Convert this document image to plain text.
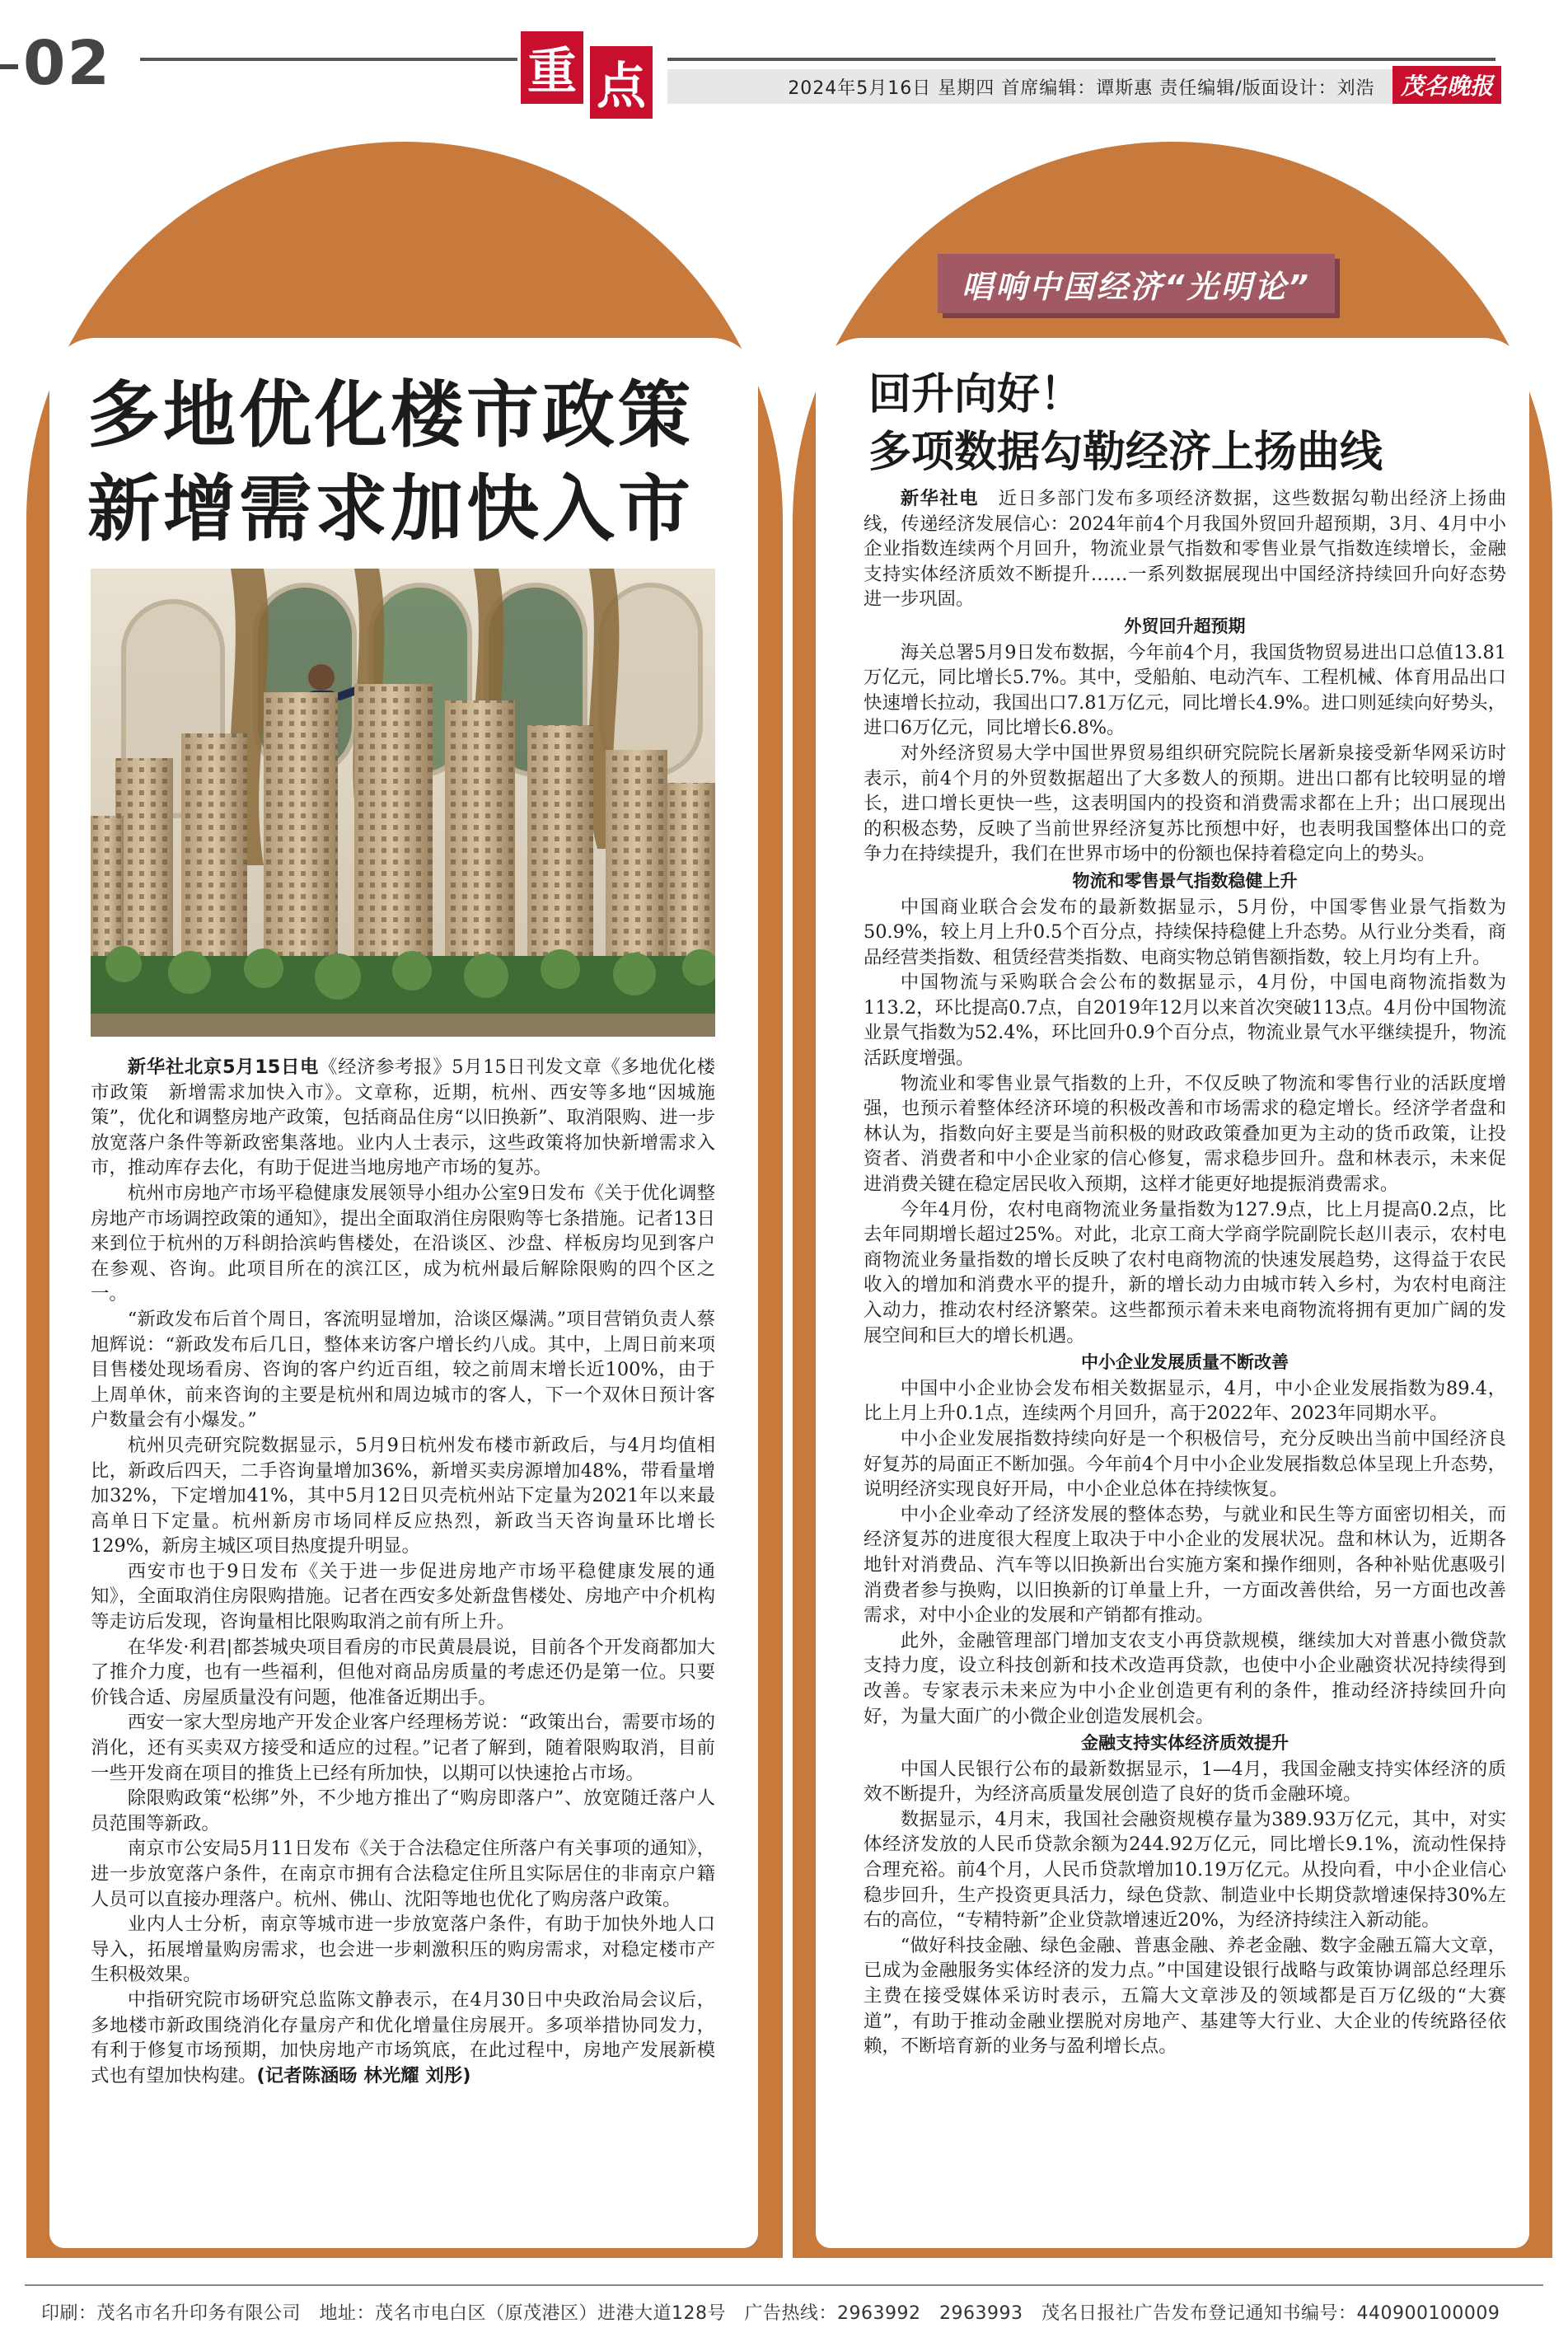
02	重 点	2024年5月16日 星期四 首席编辑：谭斯惠 责任编辑/版面设计：刘浩	茂名晚报
多地优化楼市政策
新增需求加快入市

新华社北京5月15日电《经济参考报》5月15日刊发文章《多地优化楼市政策　新增需求加快入市》。文章称，近期，杭州、西安等多地“因城施策”，优化和调整房地产政策，包括商品住房“以旧换新”、取消限购、进一步放宽落户条件等新政密集落地。业内人士表示，这些政策将加快新增需求入市，推动库存去化，有助于促进当地房地产市场的复苏。

杭州市房地产市场平稳健康发展领导小组办公室9日发布《关于优化调整房地产市场调控政策的通知》，提出全面取消住房限购等七条措施。记者13日来到位于杭州的万科朗拾滨屿售楼处，在沿谈区、沙盘、样板房均见到客户在参观、咨询。此项目所在的滨江区，成为杭州最后解除限购的四个区之一。

“新政发布后首个周日，客流明显增加，洽谈区爆满。”项目营销负责人蔡旭辉说：“新政发布后几日，整体来访客户增长约八成。其中，上周日前来项目售楼处现场看房、咨询的客户约近百组，较之前周末增长近100%，由于上周单休，前来咨询的主要是杭州和周边城市的客人，下一个双休日预计客户数量会有小爆发。”

杭州贝壳研究院数据显示，5月9日杭州发布楼市新政后，与4月均值相比，新政后四天，二手咨询量增加36%，新增买卖房源增加48%，带看量增加32%，下定增加41%，其中5月12日贝壳杭州站下定量为2021年以来最高单日下定量。杭州新房市场同样反应热烈，新政当天咨询量环比增长129%，新房主城区项目热度提升明显。

西安市也于9日发布《关于进一步促进房地产市场平稳健康发展的通知》，全面取消住房限购措施。记者在西安多处新盘售楼处、房地产中介机构等走访后发现，咨询量相比限购取消之前有所上升。

在华发·利君|都荟城央项目看房的市民黄晨晨说，目前各个开发商都加大了推介力度，也有一些福利，但他对商品房质量的考虑还仍是第一位。只要价钱合适、房屋质量没有问题，他准备近期出手。

西安一家大型房地产开发企业客户经理杨芳说：“政策出台，需要市场的消化，还有买卖双方接受和适应的过程。”记者了解到，随着限购取消，目前一些开发商在项目的推货上已经有所加快，以期可以快速抢占市场。

除限购政策“松绑”外，不少地方推出了“购房即落户”、放宽随迁落户人员范围等新政。

南京市公安局5月11日发布《关于合法稳定住所落户有关事项的通知》，进一步放宽落户条件，在南京市拥有合法稳定住所且实际居住的非南京户籍人员可以直接办理落户。杭州、佛山、沈阳等地也优化了购房落户政策。

业内人士分析，南京等城市进一步放宽落户条件，有助于加快外地人口导入，拓展增量购房需求，也会进一步刺激积压的购房需求，对稳定楼市产生积极效果。

中指研究院市场研究总监陈文静表示，在4月30日中央政治局会议后，多地楼市新政围绕消化存量房产和优化增量住房展开。多项举措协同发力，有利于修复市场预期，加快房地产市场筑底，在此过程中，房地产发展新模式也有望加快构建。(记者陈涵旸 林光耀 刘彤)

唱响中国经济“光明论”
回升向好！
多项数据勾勒经济上扬曲线

新华社电　 近日多部门发布多项经济数据，这些数据勾勒出经济上扬曲线，传递经济发展信心：2024年前4个月我国外贸回升超预期，3月、4月中小企业指数连续两个月回升，物流业景气指数和零售业景气指数连续增长，金融支持实体经济质效不断提升……一系列数据展现出中国经济持续回升向好态势进一步巩固。

外贸回升超预期

海关总署5月9日发布数据，今年前4个月，我国货物贸易进出口总值13.81万亿元，同比增长5.7%。其中，受船舶、电动汽车、工程机械、体育用品出口快速增长拉动，我国出口7.81万亿元，同比增长4.9%。进口则延续向好势头，进口6万亿元，同比增长6.8%。

对外经济贸易大学中国世界贸易组织研究院院长屠新泉接受新华网采访时表示，前4个月的外贸数据超出了大多数人的预期。进出口都有比较明显的增长，进口增长更快一些，这表明国内的投资和消费需求都在上升；出口展现出的积极态势，反映了当前世界经济复苏比预想中好，也表明我国整体出口的竞争力在持续提升，我们在世界市场中的份额也保持着稳定向上的势头。

物流和零售景气指数稳健上升

中国商业联合会发布的最新数据显示，5月份，中国零售业景气指数为50.9%，较上月上升0.5个百分点，持续保持稳健上升态势。从行业分类看，商品经营类指数、租赁经营类指数、电商实物总销售额指数，较上月均有上升。

中国物流与采购联合会公布的数据显示，4月份，中国电商物流指数为113.2，环比提高0.7点，自2019年12月以来首次突破113点。4月份中国物流业景气指数为52.4%，环比回升0.9个百分点，物流业景气水平继续提升，物流活跃度增强。

物流业和零售业景气指数的上升，不仅反映了物流和零售行业的活跃度增强，也预示着整体经济环境的积极改善和市场需求的稳定增长。经济学者盘和林认为，指数向好主要是当前积极的财政政策叠加更为主动的货币政策，让投资者、消费者和中小企业家的信心修复，需求稳步回升。盘和林表示，未来促进消费关键在稳定居民收入预期，这样才能更好地提振消费需求。

今年4月份，农村电商物流业务量指数为127.9点，比上月提高0.2点，比去年同期增长超过25%。对此，北京工商大学商学院副院长赵川表示，农村电商物流业务量指数的增长反映了农村电商物流的快速发展趋势，这得益于农民收入的增加和消费水平的提升，新的增长动力由城市转入乡村，为农村电商注入动力，推动农村经济繁荣。这些都预示着未来电商物流将拥有更加广阔的发展空间和巨大的增长机遇。

中小企业发展质量不断改善

中国中小企业协会发布相关数据显示，4月，中小企业发展指数为89.4，比上月上升0.1点，连续两个月回升，高于2022年、2023年同期水平。

中小企业发展指数持续向好是一个积极信号，充分反映出当前中国经济良好复苏的局面正不断加强。今年前4个月中小企业发展指数总体呈现上升态势，说明经济实现良好开局，中小企业总体在持续恢复。

中小企业牵动了经济发展的整体态势，与就业和民生等方面密切相关，而经济复苏的进度很大程度上取决于中小企业的发展状况。盘和林认为，近期各地针对消费品、汽车等以旧换新出台实施方案和操作细则，各种补贴优惠吸引消费者参与换购，以旧换新的订单量上升，一方面改善供给，另一方面也改善需求，对中小企业的发展和产销都有推动。

此外，金融管理部门增加支农支小再贷款规模，继续加大对普惠小微贷款支持力度，设立科技创新和技术改造再贷款，也使中小企业融资状况持续得到改善。专家表示未来应为中小企业创造更有利的条件，推动经济持续回升向好，为量大面广的小微企业创造发展机会。

金融支持实体经济质效提升

中国人民银行公布的最新数据显示，1—4月，我国金融支持实体经济的质效不断提升，为经济高质量发展创造了良好的货币金融环境。

数据显示，4月末，我国社会融资规模存量为389.93万亿元，其中，对实体经济发放的人民币贷款余额为244.92万亿元，同比增长9.1%，流动性保持合理充裕。前4个月，人民币贷款增加10.19万亿元。从投向看，中小企业信心稳步回升，生产投资更具活力，绿色贷款、制造业中长期贷款增速保持30%左右的高位，“专精特新”企业贷款增速近20%，为经济持续注入新动能。

“做好科技金融、绿色金融、普惠金融、养老金融、数字金融五篇大文章，已成为金融服务实体经济的发力点。”中国建设银行战略与政策协调部总经理乐主费在接受媒体采访时表示，五篇大文章涉及的领域都是百万亿级的“大赛道”，有助于推动金融业摆脱对房地产、基建等大行业、大企业的传统路径依赖，不断培育新的业务与盈利增长点。

印刷：茂名市名升印务有限公司　地址：茂名市电白区（原茂港区）进港大道128号　广告热线：2963992　2963993　茂名日报社广告发布登记通知书编号：440900100009
